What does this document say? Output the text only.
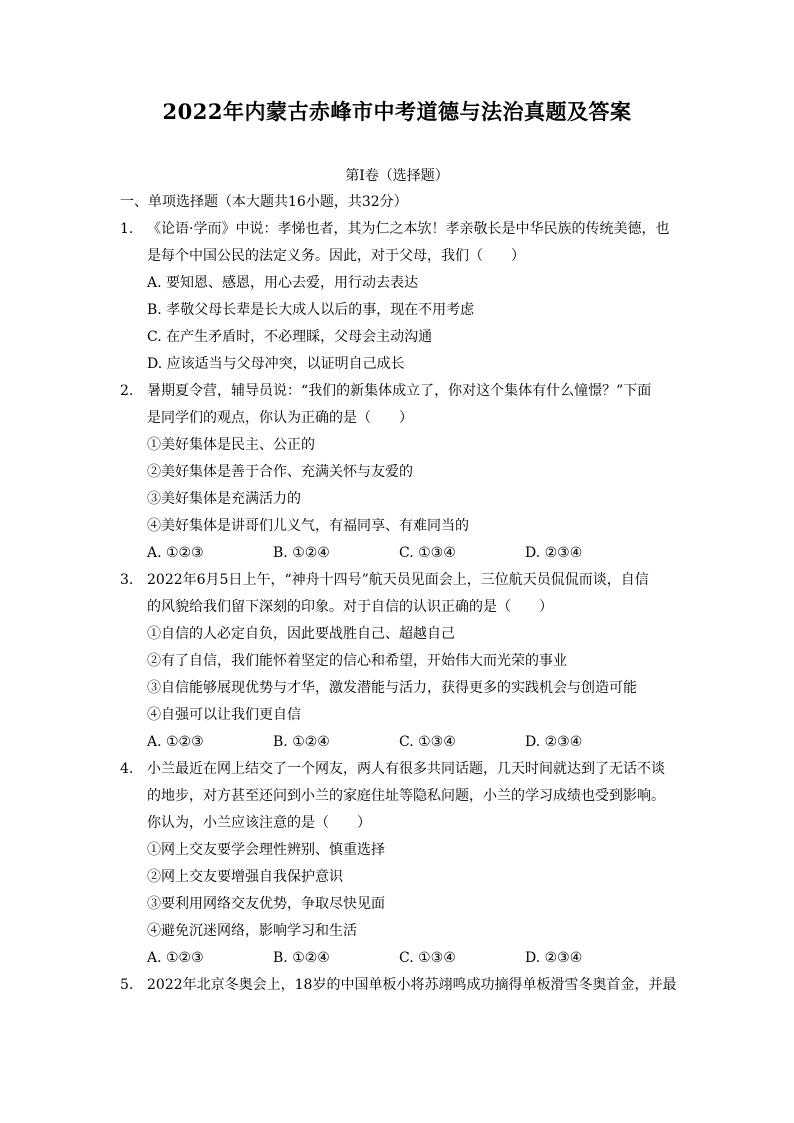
2022年内蒙古赤峰市中考道德与法治真题及答案
第Ⅰ卷（选择题）
一、单项选择题（本大题共16小题，共32分）
1. 《论语·学而》中说：孝悌也者，其为仁之本欤！孝亲敬长是中华民族的传统美德，也
是每个中国公民的法定义务。因此，对于父母，我们（　　）
A. 要知恩、感恩，用心去爱，用行动去表达
B. 孝敬父母长辈是长大成人以后的事，现在不用考虑
C. 在产生矛盾时，不必理睬，父母会主动沟通
D. 应该适当与父母冲突，以证明自己成长
2. 暑期夏令营，辅导员说：“我们的新集体成立了，你对这个集体有什么憧憬？”下面
是同学们的观点，你认为正确的是（　　）
①美好集体是民主、公正的
②美好集体是善于合作、充满关怀与友爱的
③美好集体是充满活力的
④美好集体是讲哥们儿义气，有福同享、有难同当的
A. ①②③	B. ①②④	C. ①③④	D. ②③④
3. 2022年6月5日上午，“神舟十四号”航天员见面会上，三位航天员侃侃而谈，自信
的风貌给我们留下深刻的印象。对于自信的认识正确的是（　　）
①自信的人必定自负，因此要战胜自己、超越自己
②有了自信，我们能怀着坚定的信心和希望，开始伟大而光荣的事业
③自信能够展现优势与才华，激发潜能与活力，获得更多的实践机会与创造可能
④自强可以让我们更自信
A. ①②③	B. ①②④	C. ①③④	D. ②③④
4. 小兰最近在网上结交了一个网友，两人有很多共同话题，几天时间就达到了无话不谈
的地步，对方甚至还问到小兰的家庭住址等隐私问题，小兰的学习成绩也受到影响。
你认为，小兰应该注意的是（　　）
①网上交友要学会理性辨别、慎重选择
②网上交友要增强自我保护意识
③要利用网络交友优势，争取尽快见面
④避免沉迷网络，影响学习和生活
A. ①②③	B. ①②④	C. ①③④	D. ②③④
5. 2022年北京冬奥会上，18岁的中国单板小将苏翊鸣成功摘得单板滑雪冬奥首金，并最
